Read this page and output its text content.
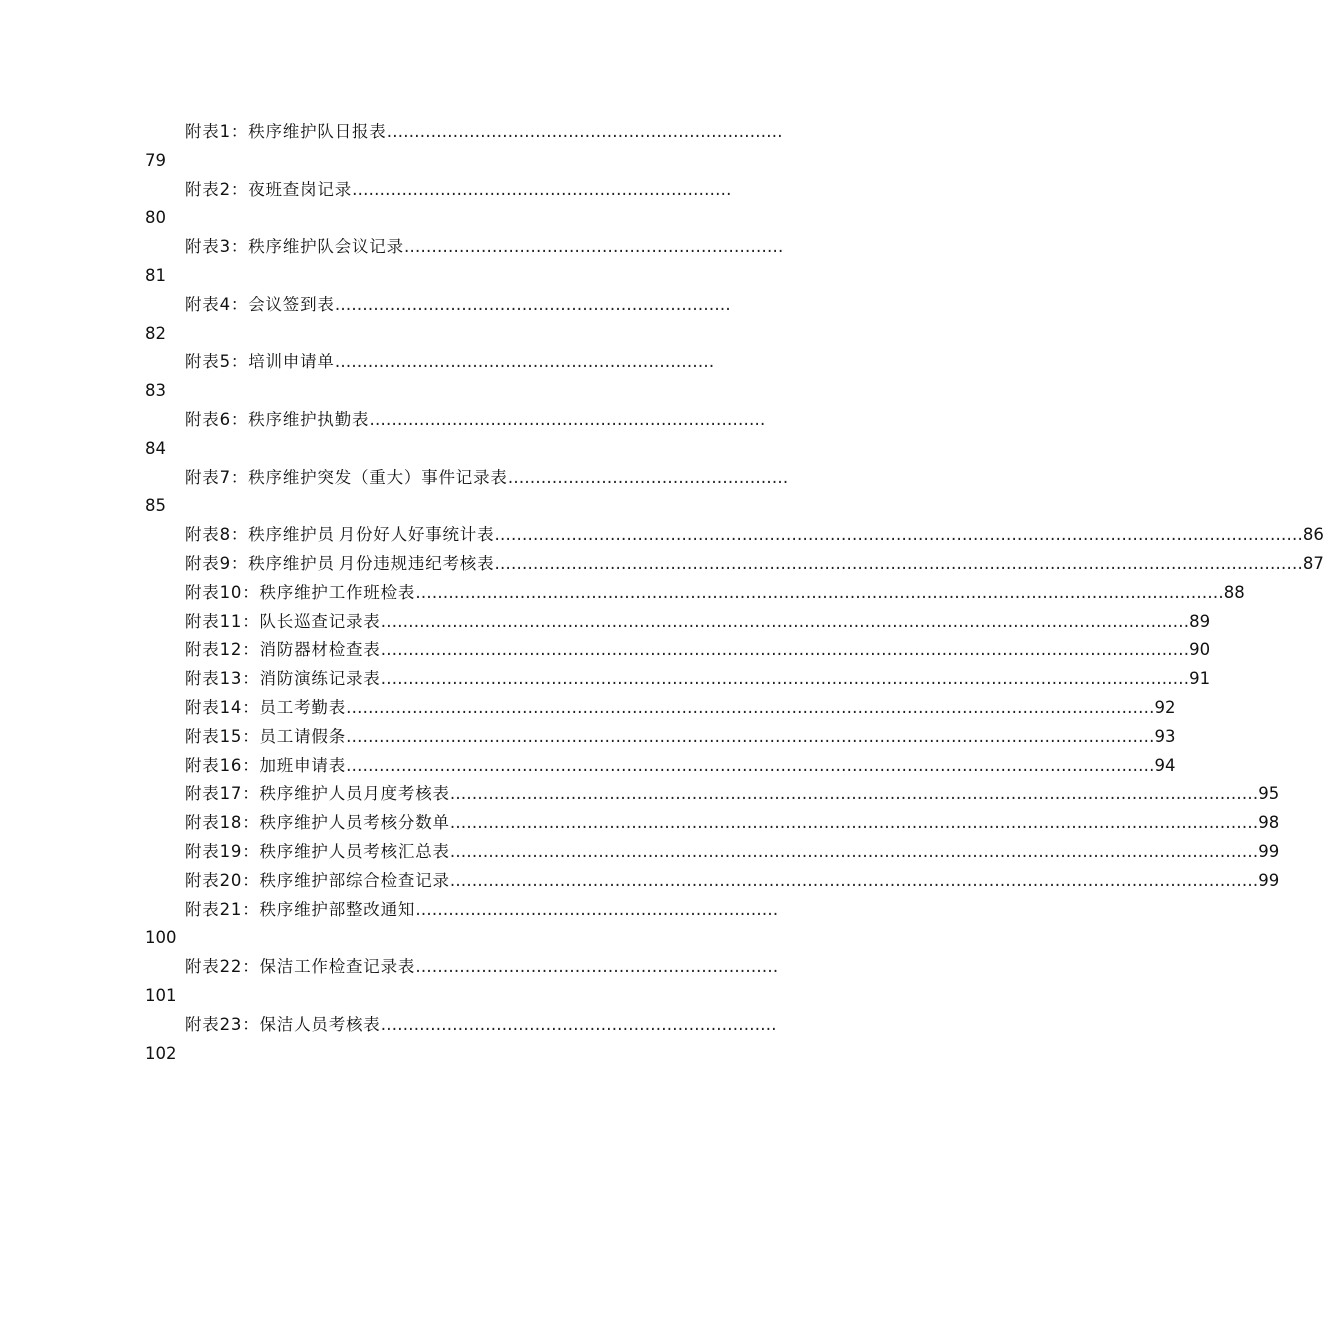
附表1：秩序维护队日报表 ………………………………………………………………
79
附表2：夜班查岗记录 ……………………………………………………………
80
附表3：秩序维护队会议记录 ……………………………………………………………
81
附表4：会议签到表 ………………………………………………………………
82
附表5：培训申请单 ……………………………………………………………
83
附表6：秩序维护执勤表 ………………………………………………………………
84
附表7：秩序维护突发（重大）事件记录表 ……………………………………………
85
附表8：秩序维护员 月份好人好事统计表 ………………………………………………………………………………………………………………………………… 86
附表9：秩序维护员 月份违规违纪考核表 ………………………………………………………………………………………………………………………………… 87
附表10：秩序维护工作班检表 ………………………………………………………………………………………………………………………………… 88
附表11：队长巡查记录表 ………………………………………………………………………………………………………………………………… 89
附表12：消防器材检查表 ………………………………………………………………………………………………………………………………… 90
附表13：消防演练记录表 ………………………………………………………………………………………………………………………………… 91
附表14：员工考勤表 ………………………………………………………………………………………………………………………………… 92
附表15：员工请假条 ………………………………………………………………………………………………………………………………… 93
附表16：加班申请表 ………………………………………………………………………………………………………………………………… 94
附表17：秩序维护人员月度考核表 ………………………………………………………………………………………………………………………………… 95
附表18：秩序维护人员考核分数单 ………………………………………………………………………………………………………………………………… 98
附表19：秩序维护人员考核汇总表 ………………………………………………………………………………………………………………………………… 99
附表20：秩序维护部综合检查记录 ………………………………………………………………………………………………………………………………… 99
附表21：秩序维护部整改通知 …………………………………………………………
100
附表22：保洁工作检查记录表 …………………………………………………………
101
附表23：保洁人员考核表 ………………………………………………………………
102
